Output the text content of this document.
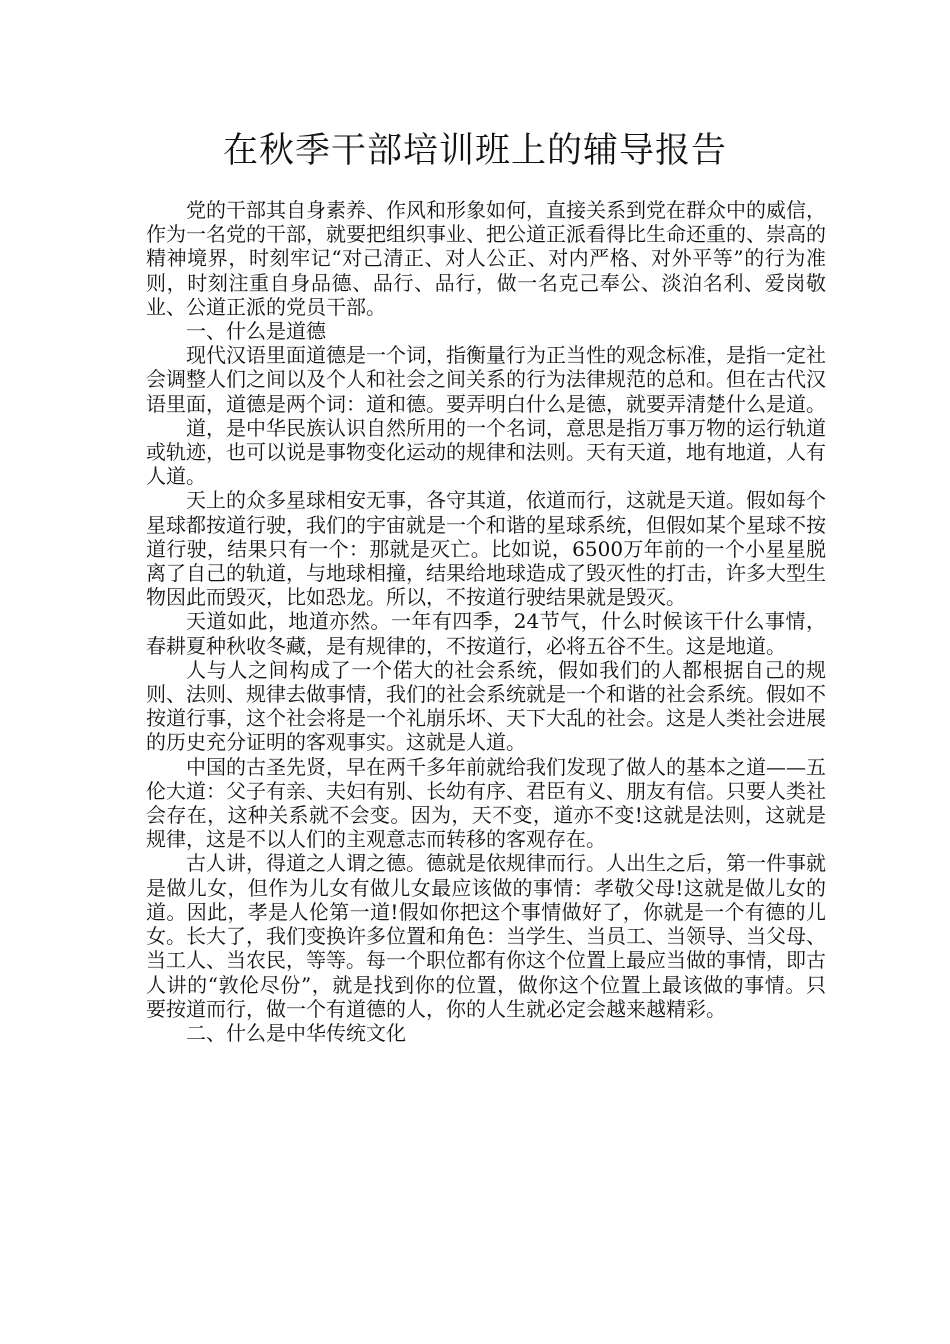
在秋季干部培训班上的辅导报告

党的干部其自身素养、作风和形象如何，直接关系到党在群众中的威信，作为一名党的干部，就要把组织事业、把公道正派看得比生命还重的、崇高的精神境界，时刻牢记“对己清正、对人公正、对内严格、对外平等”的行为准则，时刻注重自身品德、品行、品行，做一名克己奉公、淡泊名利、爱岗敬业、公道正派的党员干部。

一、什么是道德

现代汉语里面道德是一个词，指衡量行为正当性的观念标准，是指一定社会调整人们之间以及个人和社会之间关系的行为法律规范的总和。但在古代汉语里面，道德是两个词：道和德。要弄明白什么是德，就要弄清楚什么是道。

道，是中华民族认识自然所用的一个名词，意思是指万事万物的运行轨道或轨迹，也可以说是事物变化运动的规律和法则。天有天道，地有地道，人有人道。

天上的众多星球相安无事，各守其道，依道而行，这就是天道。假如每个星球都按道行驶，我们的宇宙就是一个和谐的星球系统，但假如某个星球不按道行驶，结果只有一个：那就是灭亡。比如说，6500万年前的一个小星星脱离了自己的轨道，与地球相撞，结果给地球造成了毁灭性的打击，许多大型生物因此而毁灭，比如恐龙。所以，不按道行驶结果就是毁灭。

天道如此，地道亦然。一年有四季，24节气，什么时候该干什么事情，春耕夏种秋收冬藏，是有规律的，不按道行，必将五谷不生。这是地道。

人与人之间构成了一个偌大的社会系统，假如我们的人都根据自己的规则、法则、规律去做事情，我们的社会系统就是一个和谐的社会系统。假如不按道行事，这个社会将是一个礼崩乐坏、天下大乱的社会。这是人类社会进展的历史充分证明的客观事实。这就是人道。

中国的古圣先贤，早在两千多年前就给我们发现了做人的基本之道——五伦大道：父子有亲、夫妇有别、长幼有序、君臣有义、朋友有信。只要人类社会存在，这种关系就不会变。因为，天不变，道亦不变!这就是法则，这就是规律，这是不以人们的主观意志而转移的客观存在。

古人讲，得道之人谓之德。德就是依规律而行。人出生之后，第一件事就是做儿女，但作为儿女有做儿女最应该做的事情：孝敬父母!这就是做儿女的道。因此，孝是人伦第一道!假如你把这个事情做好了，你就是一个有德的儿女。长大了，我们变换许多位置和角色：当学生、当员工、当领导、当父母、当工人、当农民，等等。每一个职位都有你这个位置上最应当做的事情，即古人讲的“敦伦尽份”，就是找到你的位置，做你这个位置上最该做的事情。只要按道而行，做一个有道德的人，你的人生就必定会越来越精彩。

二、什么是中华传统文化
